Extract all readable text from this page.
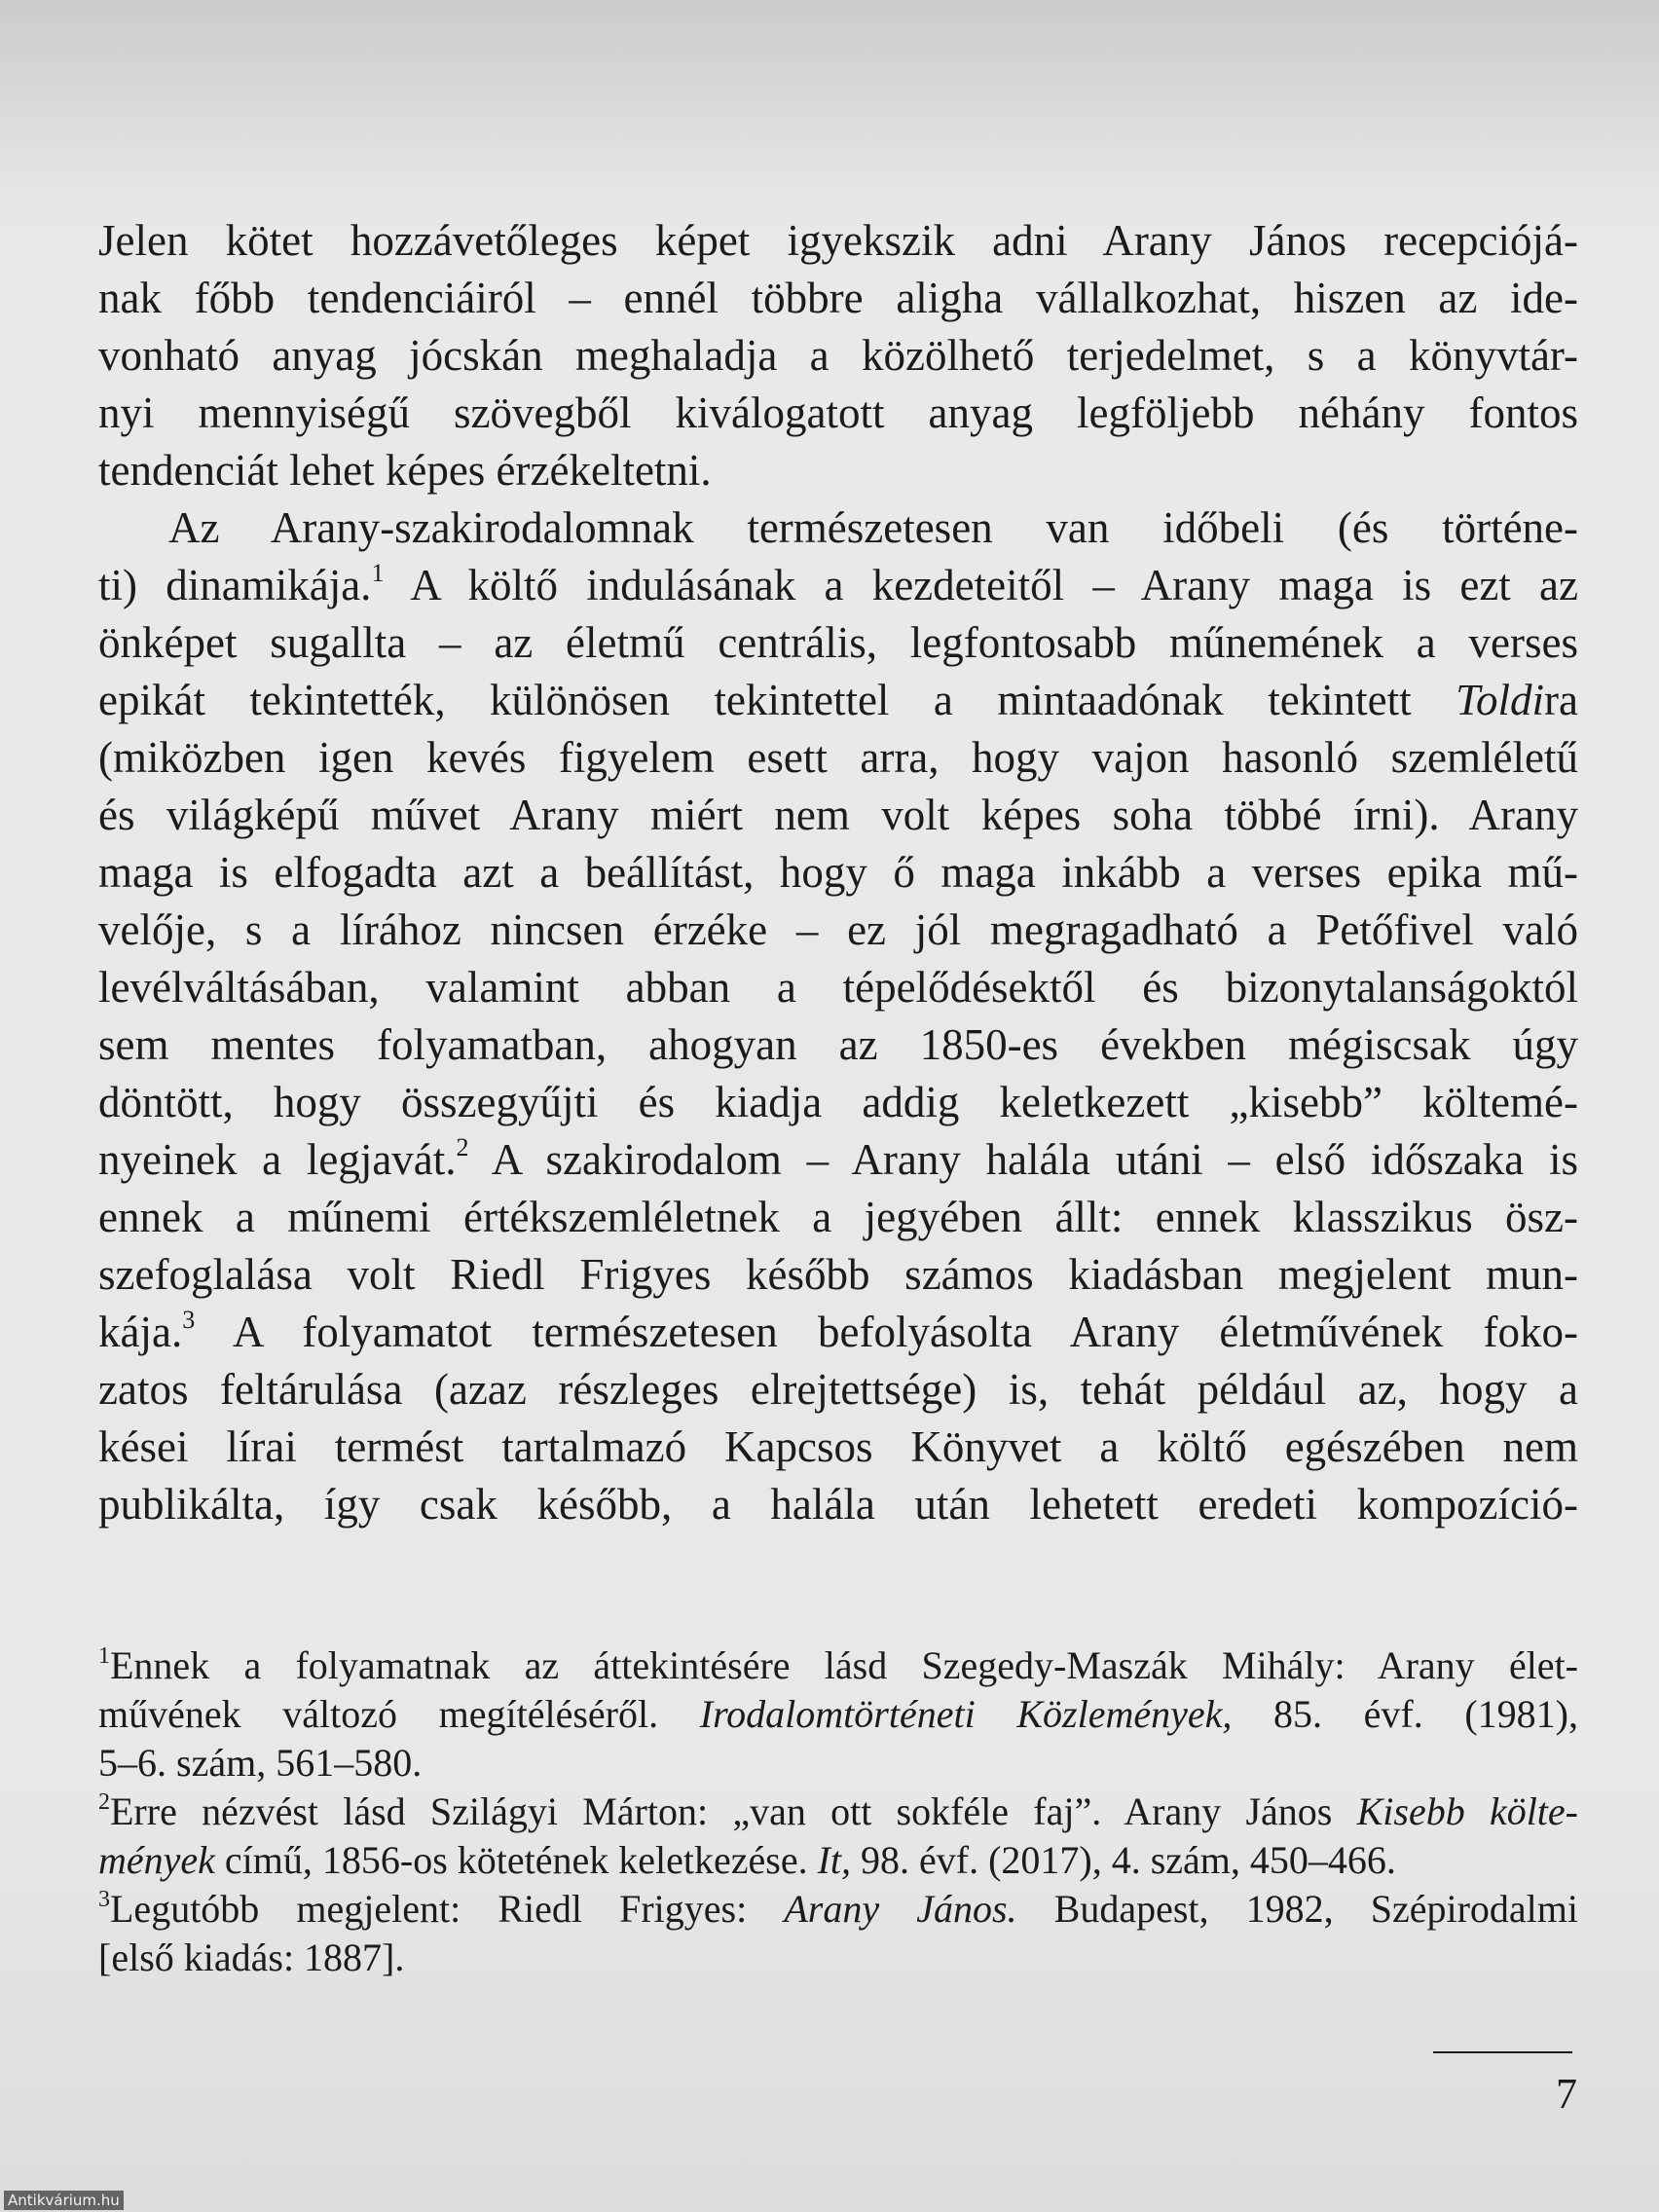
Jelen kötet hozzávetőleges képet igyekszik adni Arany János recepciójá-
nak főbb tendenciáiról – ennél többre aligha vállalkozhat, hiszen az ide-
vonható anyag jócskán meghaladja a közölhető terjedelmet, s a könyvtár-
nyi mennyiségű szövegből kiválogatott anyag legföljebb néhány fontos
tendenciát lehet képes érzékeltetni.
Az Arany-szakirodalomnak természetesen van időbeli (és történe-
ti) dinamikája.$^1$ A költő indulásának a kezdeteitől – Arany maga is ezt az
önképet sugallta – az életmű centrális, legfontosabb műnemének a verses
epikát tekintették, különösen tekintettel a mintaadónak tekintett Toldira
(miközben igen kevés figyelem esett arra, hogy vajon hasonló szemléletű
és világképű művet Arany miért nem volt képes soha többé írni). Arany
maga is elfogadta azt a beállítást, hogy ő maga inkább a verses epika mű-
velője, s a lírához nincsen érzéke – ez jól megragadható a Petőfivel való
levélváltásában, valamint abban a tépelődésektől és bizonytalanságoktól
sem mentes folyamatban, ahogyan az 1850-es években mégiscsak úgy
döntött, hogy összegyűjti és kiadja addig keletkezett „kisebb” költemé-
nyeinek a legjavát.$^2$ A szakirodalom – Arany halála utáni – első időszaka is
ennek a műnemi értékszemléletnek a jegyében állt: ennek klasszikus ösz-
szefoglalása volt Riedl Frigyes később számos kiadásban megjelent mun-
kája.$^3$ A folyamatot természetesen befolyásolta Arany életművének foko-
zatos feltárulása (azaz részleges elrejtettsége) is, tehát például az, hogy a
kései lírai termést tartalmazó Kapcsos Könyvet a költő egészében nem
publikálta, így csak később, a halála után lehetett eredeti kompozíció-
$^1$Ennek a folyamatnak az áttekintésére lásd Szegedy-Maszák Mihály: Arany élet-
művének változó megítéléséről. Irodalomtörténeti Közlemények, 85. évf. (1981),
5–6. szám, 561–580.
$^2$Erre nézvést lásd Szilágyi Márton: „van ott sokféle faj”. Arany János Kisebb költe-
mények című, 1856-os kötetének keletkezése. It, 98. évf. (2017), 4. szám, 450–466.
$^3$Legutóbb megjelent: Riedl Frigyes: Arany János. Budapest, 1982, Szépirodalmi
[első kiadás: 1887].
7
Antikvárium.hu
